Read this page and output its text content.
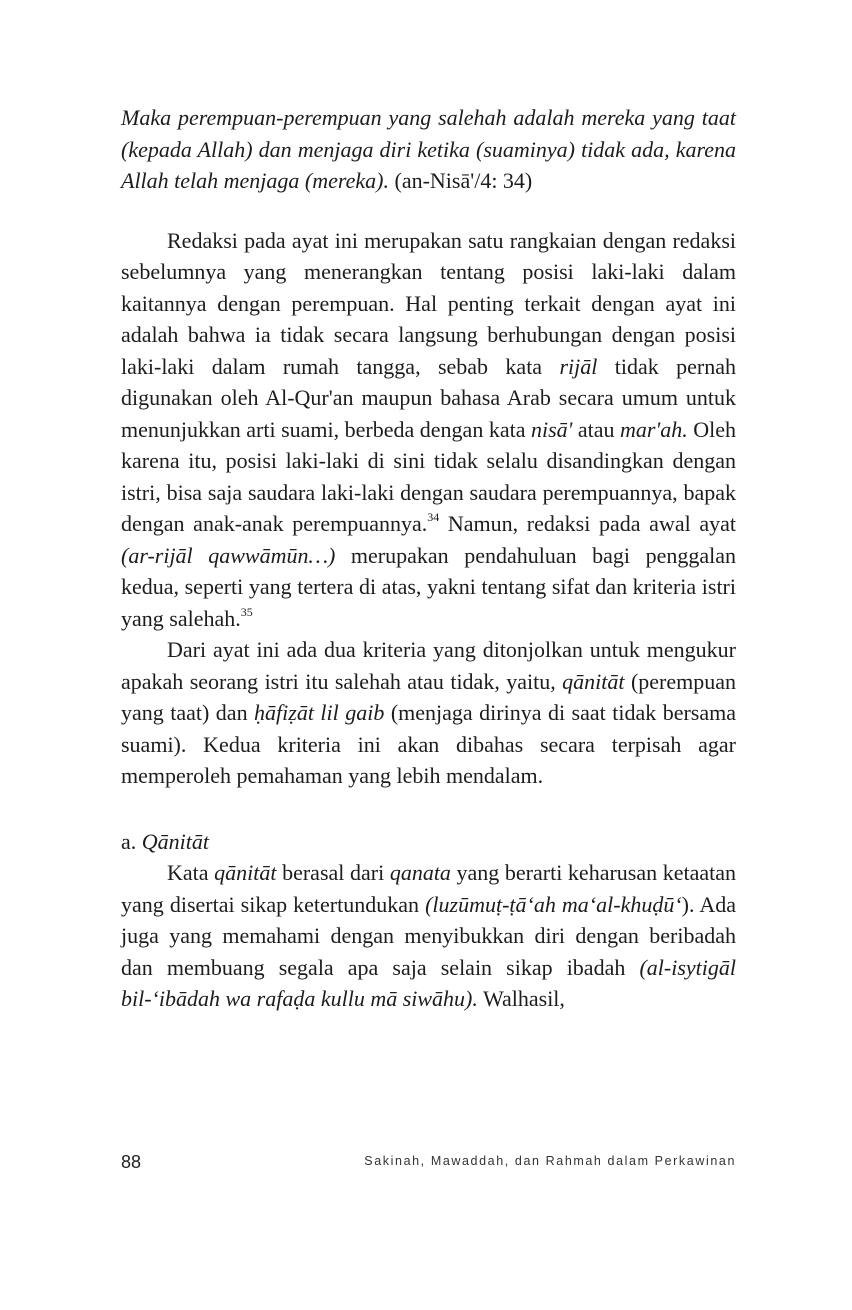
Maka perempuan-perempuan yang salehah adalah mereka yang taat (kepada Allah) dan menjaga diri ketika (suaminya) tidak ada, karena Allah telah menjaga (mereka). (an-Nisā'/4: 34)

Redaksi pada ayat ini merupakan satu rangkaian dengan redaksi sebelumnya yang menerangkan tentang posisi laki-laki dalam kaitannya dengan perempuan. Hal penting terkait dengan ayat ini adalah bahwa ia tidak secara langsung berhubungan dengan posisi laki-laki dalam rumah tangga, sebab kata rijāl tidak pernah digunakan oleh Al-Qur'an maupun bahasa Arab secara umum untuk menunjukkan arti suami, berbeda dengan kata nisā' atau mar'ah. Oleh karena itu, posisi laki-laki di sini tidak selalu disandingkan dengan istri, bisa saja saudara laki-laki dengan saudara perempuannya, bapak dengan anak-anak perempuannya.$^{34}$ Namun, redaksi pada awal ayat (ar-rijāl qawwāmūn…) merupakan pendahuluan bagi penggalan kedua, seperti yang tertera di atas, yakni tentang sifat dan kriteria istri yang salehah.$^{35}$

Dari ayat ini ada dua kriteria yang ditonjolkan untuk mengukur apakah seorang istri itu salehah atau tidak, yaitu, qānitāt (perempuan yang taat) dan ḥāfiẓāt lil gaib (menjaga dirinya di saat tidak bersama suami). Kedua kriteria ini akan dibahas secara terpisah agar memperoleh pemahaman yang lebih mendalam.

a. Qānitāt

Kata qānitāt berasal dari qanata yang berarti keharusan ketaatan yang disertai sikap ketertundukan (luzūmuṭ-ṭā‘ah ma‘al-khuḍū‘). Ada juga yang memahami dengan menyibukkan diri dengan beribadah dan membuang segala apa saja selain sikap ibadah (al-isytigāl bil-‘ibādah wa rafaḍa kullu mā siwāhu). Walhasil,

88	Sakinah, Mawaddah, dan Rahmah dalam Perkawinan
